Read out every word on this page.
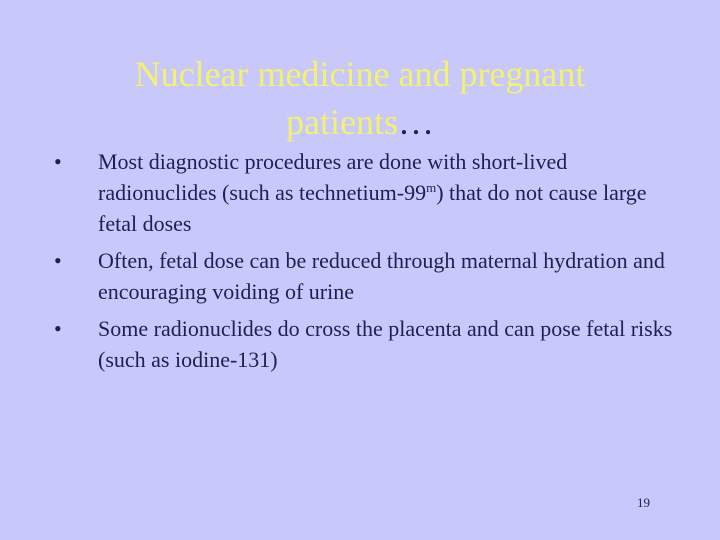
Nuclear medicine and pregnant patients…
• Most diagnostic procedures are done with short-lived radionuclides (such as technetium-99$^m$) that do not cause large fetal doses
• Often, fetal dose can be reduced through maternal hydration and encouraging voiding of urine
• Some radionuclides do cross the placenta and can pose fetal risks (such as iodine-131)
19
